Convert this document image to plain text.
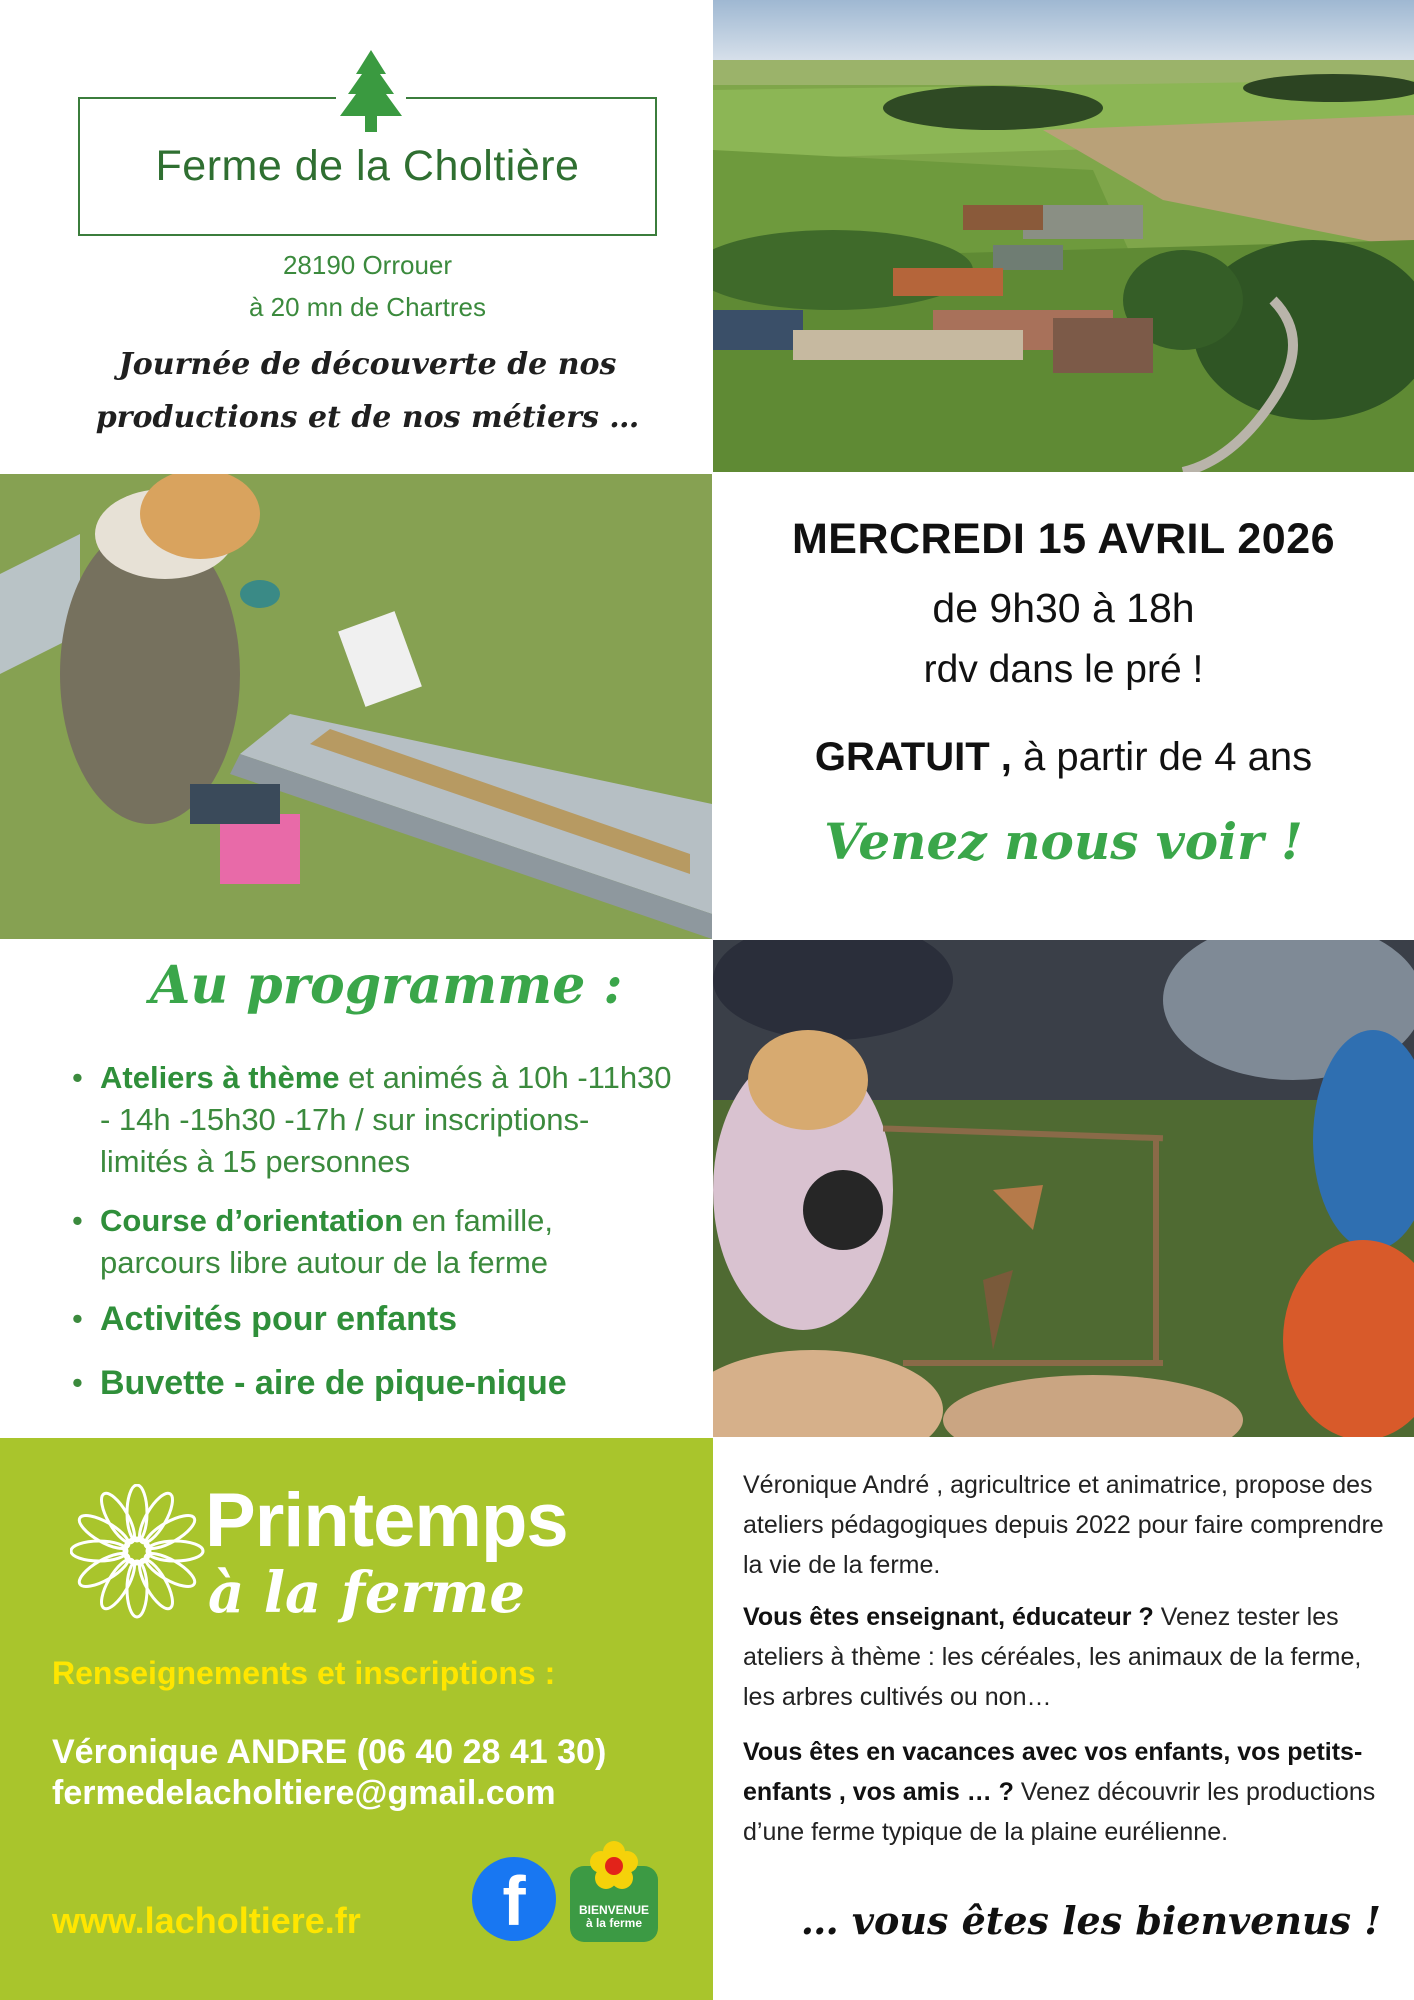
Ferme de la Choltière
28190 Orrouer
à 20 mn de Chartres
Journée de découverte de nos
productions et de nos métiers …
MERCREDI 15 AVRIL 2026
de 9h30 à 18h
rdv dans le pré !
GRATUIT , à partir de 4 ans
Venez nous voir !
Au programme :
• Ateliers à thème et animés à 10h -11h30 - 14h -15h30 -17h / sur inscriptions- limités à 15 personnes
• Course d’orientation en famille, parcours libre autour de la ferme
• Activités pour enfants
• Buvette - aire de pique-nique
Printemps
à la ferme
Renseignements et inscriptions :
Véronique ANDRE (06 40 28 41 30)
fermedelacholtiere@gmail.com
www.lacholtiere.fr	f	BIENVENUE
à la ferme
Véronique André , agricultrice et animatrice, propose des ateliers pédagogiques depuis 2022 pour faire comprendre la vie de la ferme.
Vous êtes enseignant, éducateur ? Venez tester les ateliers à thème : les céréales, les animaux de la ferme, les arbres cultivés ou non…
Vous êtes en vacances avec vos enfants, vos petits-enfants , vos amis … ? Venez découvrir les productions d’une ferme typique de la plaine eurélienne.
… vous êtes les bienvenus !
